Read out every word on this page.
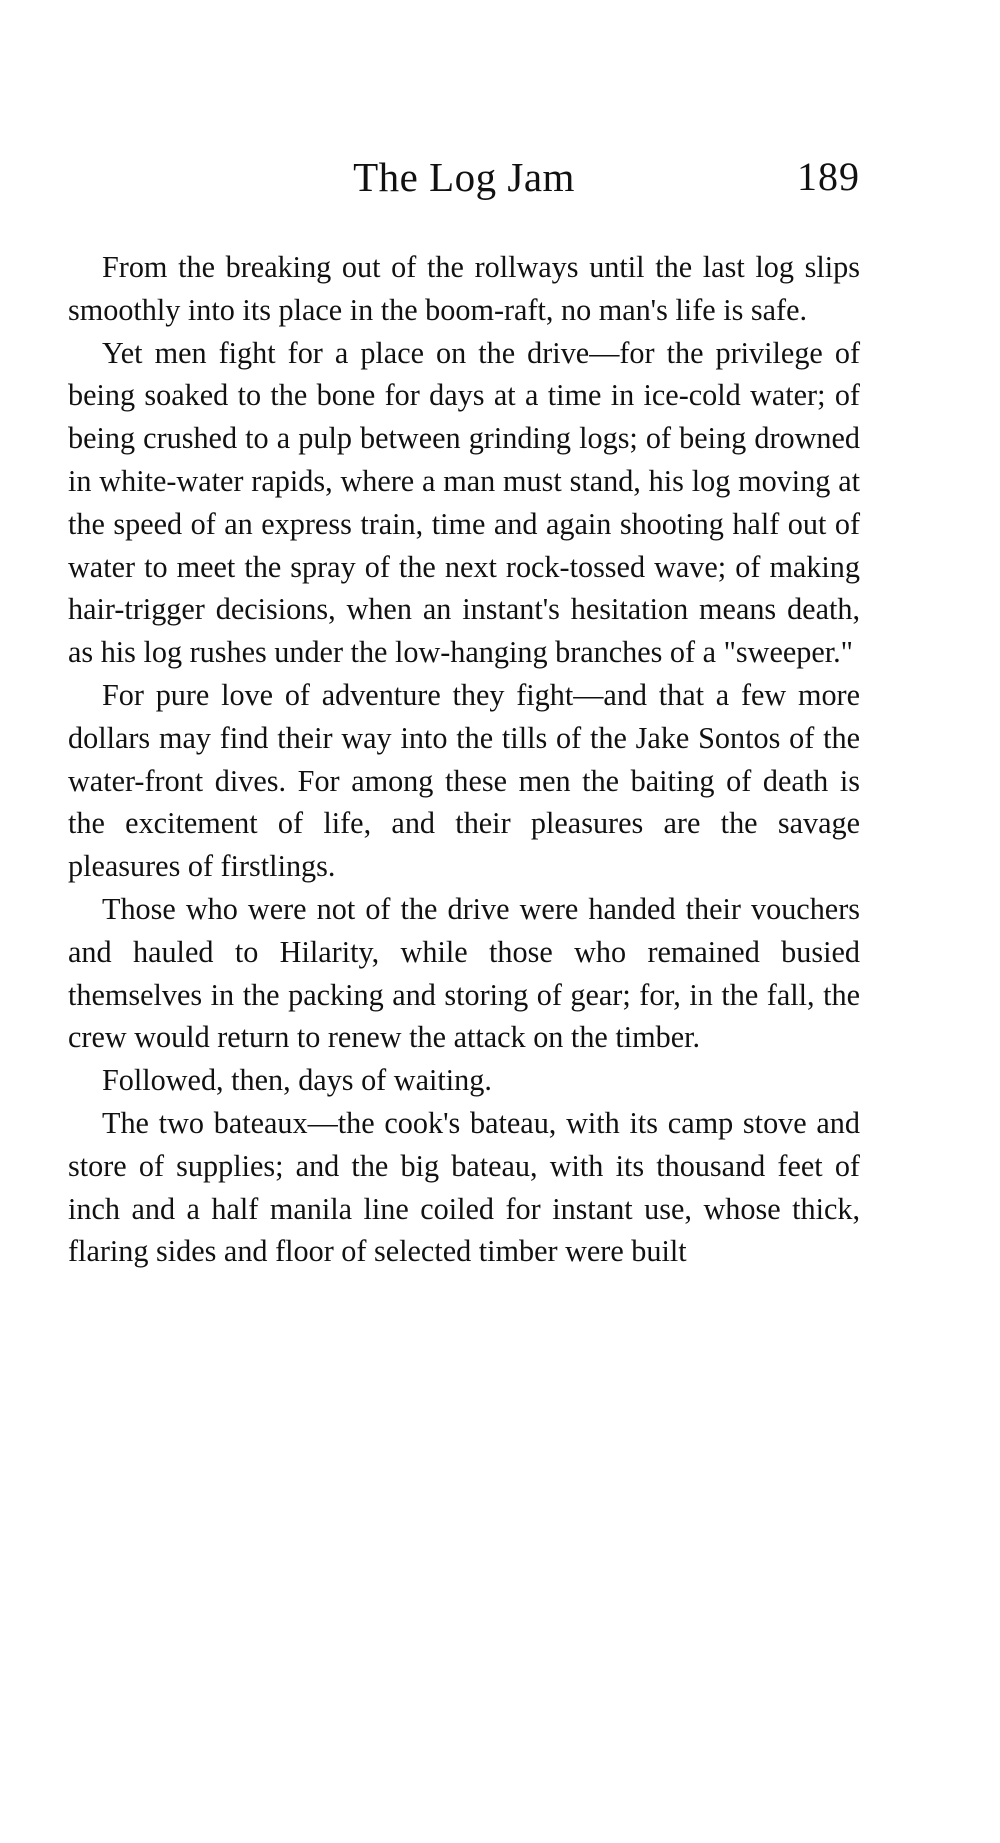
The Log Jam	189

From the breaking out of the rollways until the last log slips smoothly into its place in the boom-raft, no man's life is safe.

Yet men fight for a place on the drive—for the privilege of being soaked to the bone for days at a time in ice-cold water; of being crushed to a pulp between grinding logs; of being drowned in white-water rapids, where a man must stand, his log moving at the speed of an express train, time and again shooting half out of water to meet the spray of the next rock-tossed wave; of making hair-trigger decisions, when an instant's hesitation means death, as his log rushes under the low-hanging branches of a "sweeper."

For pure love of adventure they fight—and that a few more dollars may find their way into the tills of the Jake Sontos of the water-front dives. For among these men the baiting of death is the excitement of life, and their pleasures are the savage pleasures of firstlings.

Those who were not of the drive were handed their vouchers and hauled to Hilarity, while those who remained busied themselves in the packing and storing of gear; for, in the fall, the crew would return to renew the attack on the timber.

Followed, then, days of waiting.

The two bateaux—the cook's bateau, with its camp stove and store of supplies; and the big bateau, with its thousand feet of inch and a half manila line coiled for instant use, whose thick, flaring sides and floor of selected timber were built
